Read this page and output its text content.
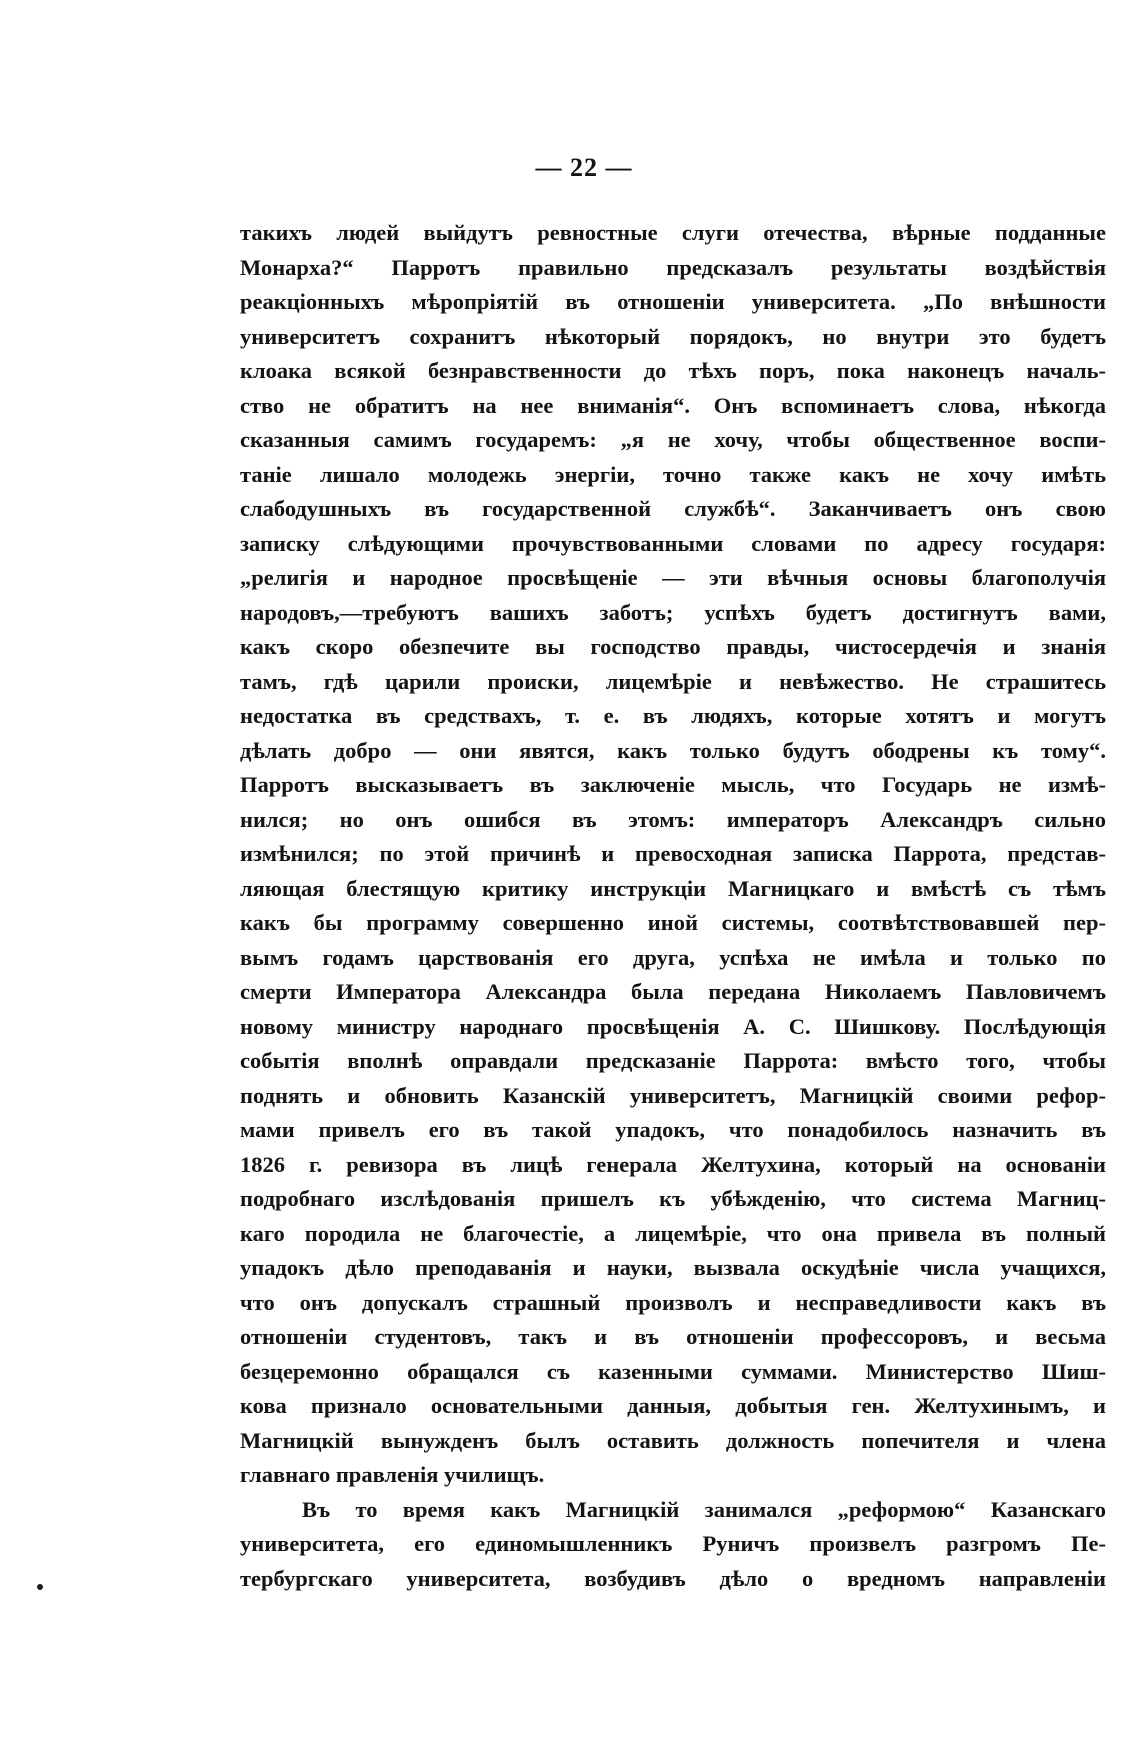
— 22 —
такихъ людей выйдутъ ревностные слуги отечества, вѣрные подданные
Монарха?“ Парротъ правильно предсказалъ результаты воздѣйствія
реакціонныхъ мѣропріятій въ отношеніи университета. „По внѣшности
университетъ сохранитъ нѣкоторый порядокъ, но внутри это будетъ
клоака всякой безнравственности до тѣхъ поръ, пока наконецъ началь-
ство не обратитъ на нее вниманія“. Онъ вспоминаетъ слова, нѣкогда
сказанныя самимъ государемъ: „я не хочу, чтобы общественное воспи-
таніе лишало молодежь энергіи, точно также какъ не хочу имѣть
слабодушныхъ въ государственной службѣ“. Заканчиваетъ онъ свою
записку слѣдующими прочувствованными словами по адресу государя:
„религія и народное просвѣщеніе — эти вѣчныя основы благополучія
народовъ,—требуютъ вашихъ заботъ; успѣхъ будетъ достигнутъ вами,
какъ скоро обезпечите вы господство правды, чистосердечія и знанія
тамъ, гдѣ царили происки, лицемѣріе и невѣжество. Не страшитесь
недостатка въ средствахъ, т. е. въ людяхъ, которые хотятъ и могутъ
дѣлать добро — они явятся, какъ только будутъ ободрены къ тому“.
Парротъ высказываетъ въ заключеніе мысль, что Государь не измѣ-
нился; но онъ ошибся въ этомъ: императоръ Александръ сильно
измѣнился; по этой причинѣ и превосходная записка Паррота, представ-
ляющая блестящую критику инструкціи Магницкаго и вмѣстѣ съ тѣмъ
какъ бы программу совершенно иной системы, соотвѣтствовавшей пер-
вымъ годамъ царствованія его друга, успѣха не имѣла и только по
смерти Императора Александра была передана Николаемъ Павловичемъ
новому министру народнаго просвѣщенія А. С. Шишкову. Послѣдующія
событія вполнѣ оправдали предсказаніе Паррота: вмѣсто того, чтобы
поднять и обновить Казанскій университетъ, Магницкій своими рефор-
мами привелъ его въ такой упадокъ, что понадобилось назначить въ
1826 г. ревизора въ лицѣ генерала Желтухина, который на основаніи
подробнаго изслѣдованія пришелъ къ убѣжденію, что система Магниц-
каго породила не благочестіе, а лицемѣріе, что она привела въ полный
упадокъ дѣло преподаванія и науки, вызвала оскудѣніе числа учащихся,
что онъ допускалъ страшный произволъ и несправедливости какъ въ
отношеніи студентовъ, такъ и въ отношеніи профессоровъ, и весьма
безцеремонно обращался съ казенными суммами. Министерство Шиш-
кова признало основательными данныя, добытыя ген. Желтухинымъ, и
Магницкій вынужденъ былъ оставить должность попечителя и члена
главнаго правленія училищъ.
Въ то время какъ Магницкій занимался „реформою“ Казанскаго
университета, его единомышленникъ Руничъ произвелъ разгромъ Пе-
тербургскаго университета, возбудивъ дѣло о вредномъ направленіи
